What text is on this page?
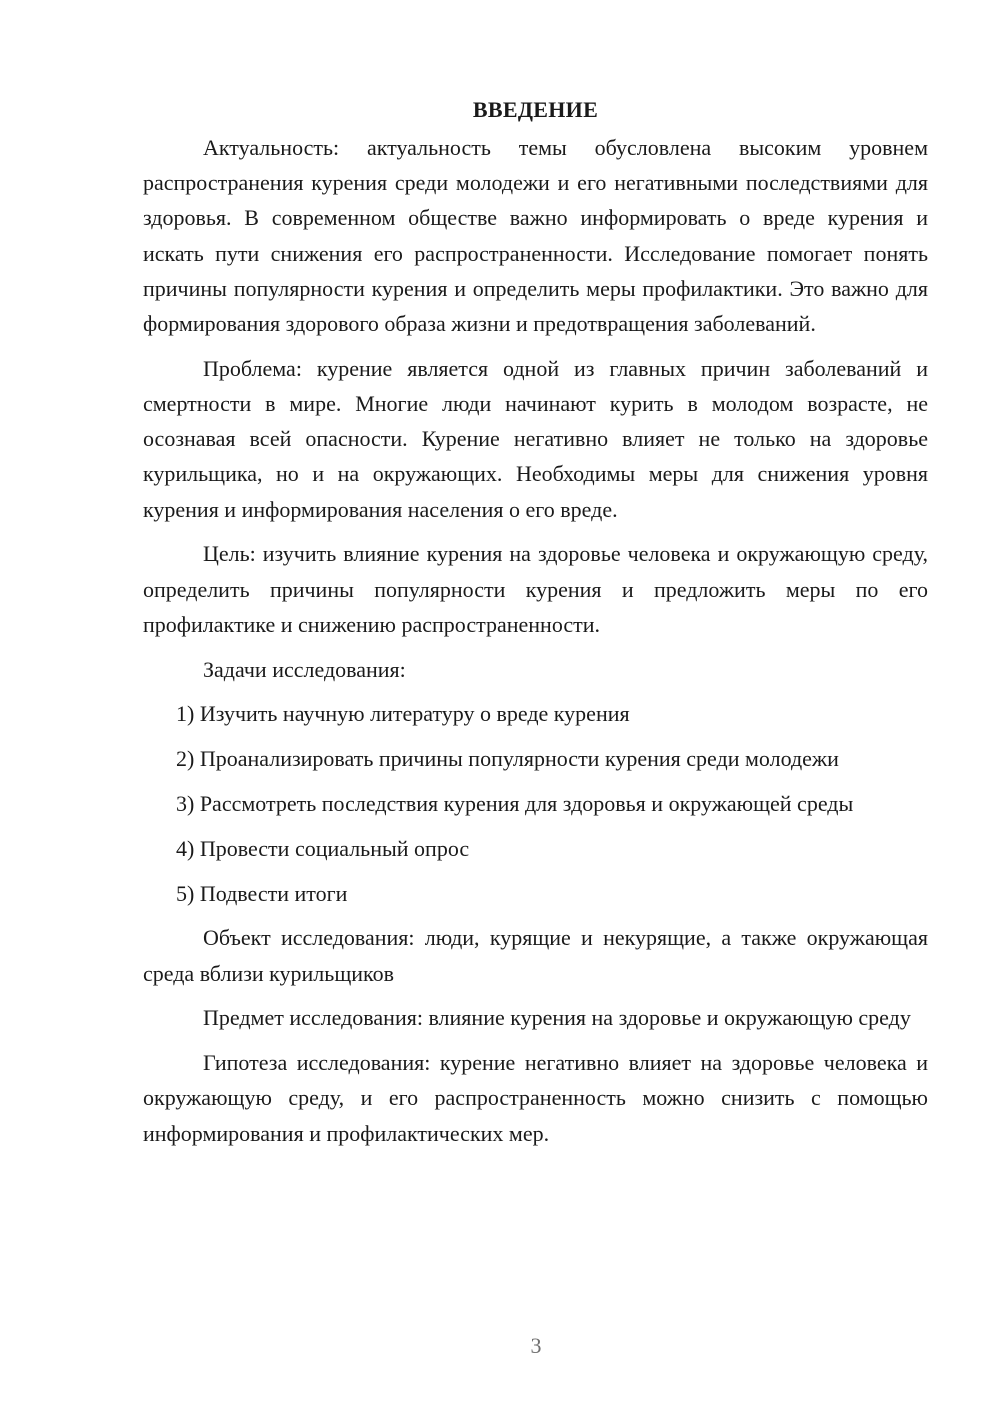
ВВЕДЕНИЕ

Актуальность: актуальность темы обусловлена высоким уровнем распространения курения среди молодежи и его негативными последствиями для здоровья. В современном обществе важно информировать о вреде курения и искать пути снижения его распространенности. Исследование помогает понять причины популярности курения и определить меры профилактики. Это важно для формирования здорового образа жизни и предотвращения заболеваний.

Проблема: курение является одной из главных причин заболеваний и смертности в мире. Многие люди начинают курить в молодом возрасте, не осознавая всей опасности. Курение негативно влияет не только на здоровье курильщика, но и на окружающих. Необходимы меры для снижения уровня курения и информирования населения о его вреде.

Цель: изучить влияние курения на здоровье человека и окружающую среду, определить причины популярности курения и предложить меры по его профилактике и снижению распространенности.

Задачи исследования:

1) Изучить научную литературу о вреде курения
2) Проанализировать причины популярности курения среди молодежи
3) Рассмотреть последствия курения для здоровья и окружающей среды
4) Провести социальный опрос
5) Подвести итоги

Объект исследования: люди, курящие и некурящие, а также окружающая среда вблизи курильщиков

Предмет исследования: влияние курения на здоровье и окружающую среду

Гипотеза исследования: курение негативно влияет на здоровье человека и окружающую среду, и его распространенность можно снизить с помощью информирования и профилактических мер.

3
